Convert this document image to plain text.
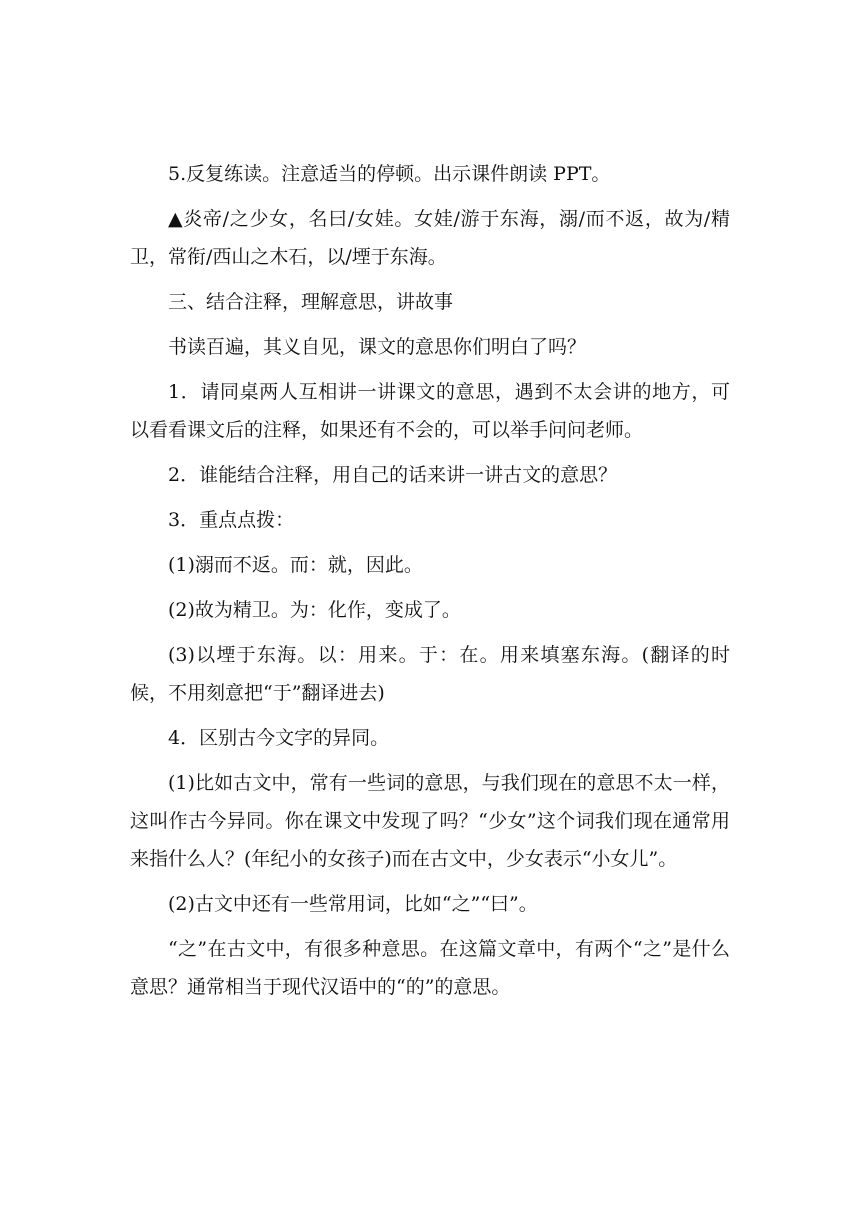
5.反复练读。注意适当的停顿。出示课件朗读 PPT。

▲炎帝/之少女，名曰/女娃。女娃/游于东海，溺/而不返，故为/精卫，常衔/西山之木石，以/堙于东海。

三、结合注释，理解意思，讲故事

书读百遍，其义自见，课文的意思你们明白了吗？

1．请同桌两人互相讲一讲课文的意思，遇到不太会讲的地方，可以看看课文后的注释，如果还有不会的，可以举手问问老师。

2．谁能结合注释，用自己的话来讲一讲古文的意思？

3．重点点拨：

(1)溺而不返。而：就，因此。

(2)故为精卫。为：化作，变成了。

(3)以堙于东海。以：用来。于：在。用来填塞东海。(翻译的时候，不用刻意把“于”翻译进去)

4．区别古今文字的异同。

(1)比如古文中，常有一些词的意思，与我们现在的意思不太一样，这叫作古今异同。你在课文中发现了吗？“少女”这个词我们现在通常用来指什么人？(年纪小的女孩子)而在古文中，少女表示“小女儿”。

(2)古文中还有一些常用词，比如“之”“曰”。

“之”在古文中，有很多种意思。在这篇文章中，有两个“之”是什么意思？通常相当于现代汉语中的“的”的意思。
